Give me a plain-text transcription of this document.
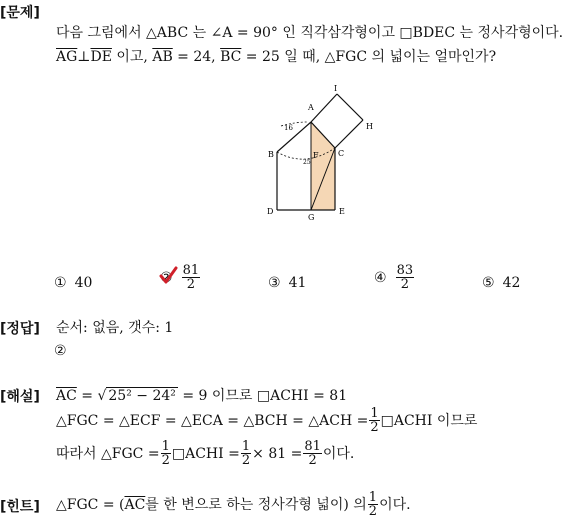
[문제]
다음 그림에서 △ABC 는 ∠A = 90° 인 직각삼각형이고 □BDEC 는 정사각형이다.
$\overline{AG}\perp\overline{DE}$ 이고, $\overline{AB} = 24$, $\overline{BC} = 25$ 일 때, △FGC 의 넓이는 얼마인가?
A
B	C
D	E
F
G
H
I
16
25
① 40	② $\frac{81}{2}$	③ 41	④ $\frac{83}{2}$	⑤ 42
[정답] 순서: 없음, 갯수: 1
②
[해설] $\overline{AC}$ = √ 25² − 24² = 9 이므로 □ACHI = 81
△FGC = △ECF = △ECA = △BCH = △ACH = $\frac{1}{2}$ □ACHI 이므로
따라서 △FGC = $\frac{1}{2}$ □ACHI = $\frac{1}{2} \times 81 = \frac{81}{2}$ 이다.
[힌트] △FGC = ( $\overline{AC}$ 를 한 변으로 하는 정사각형 넓이) 의 $\frac{1}{2}$ 이다.
